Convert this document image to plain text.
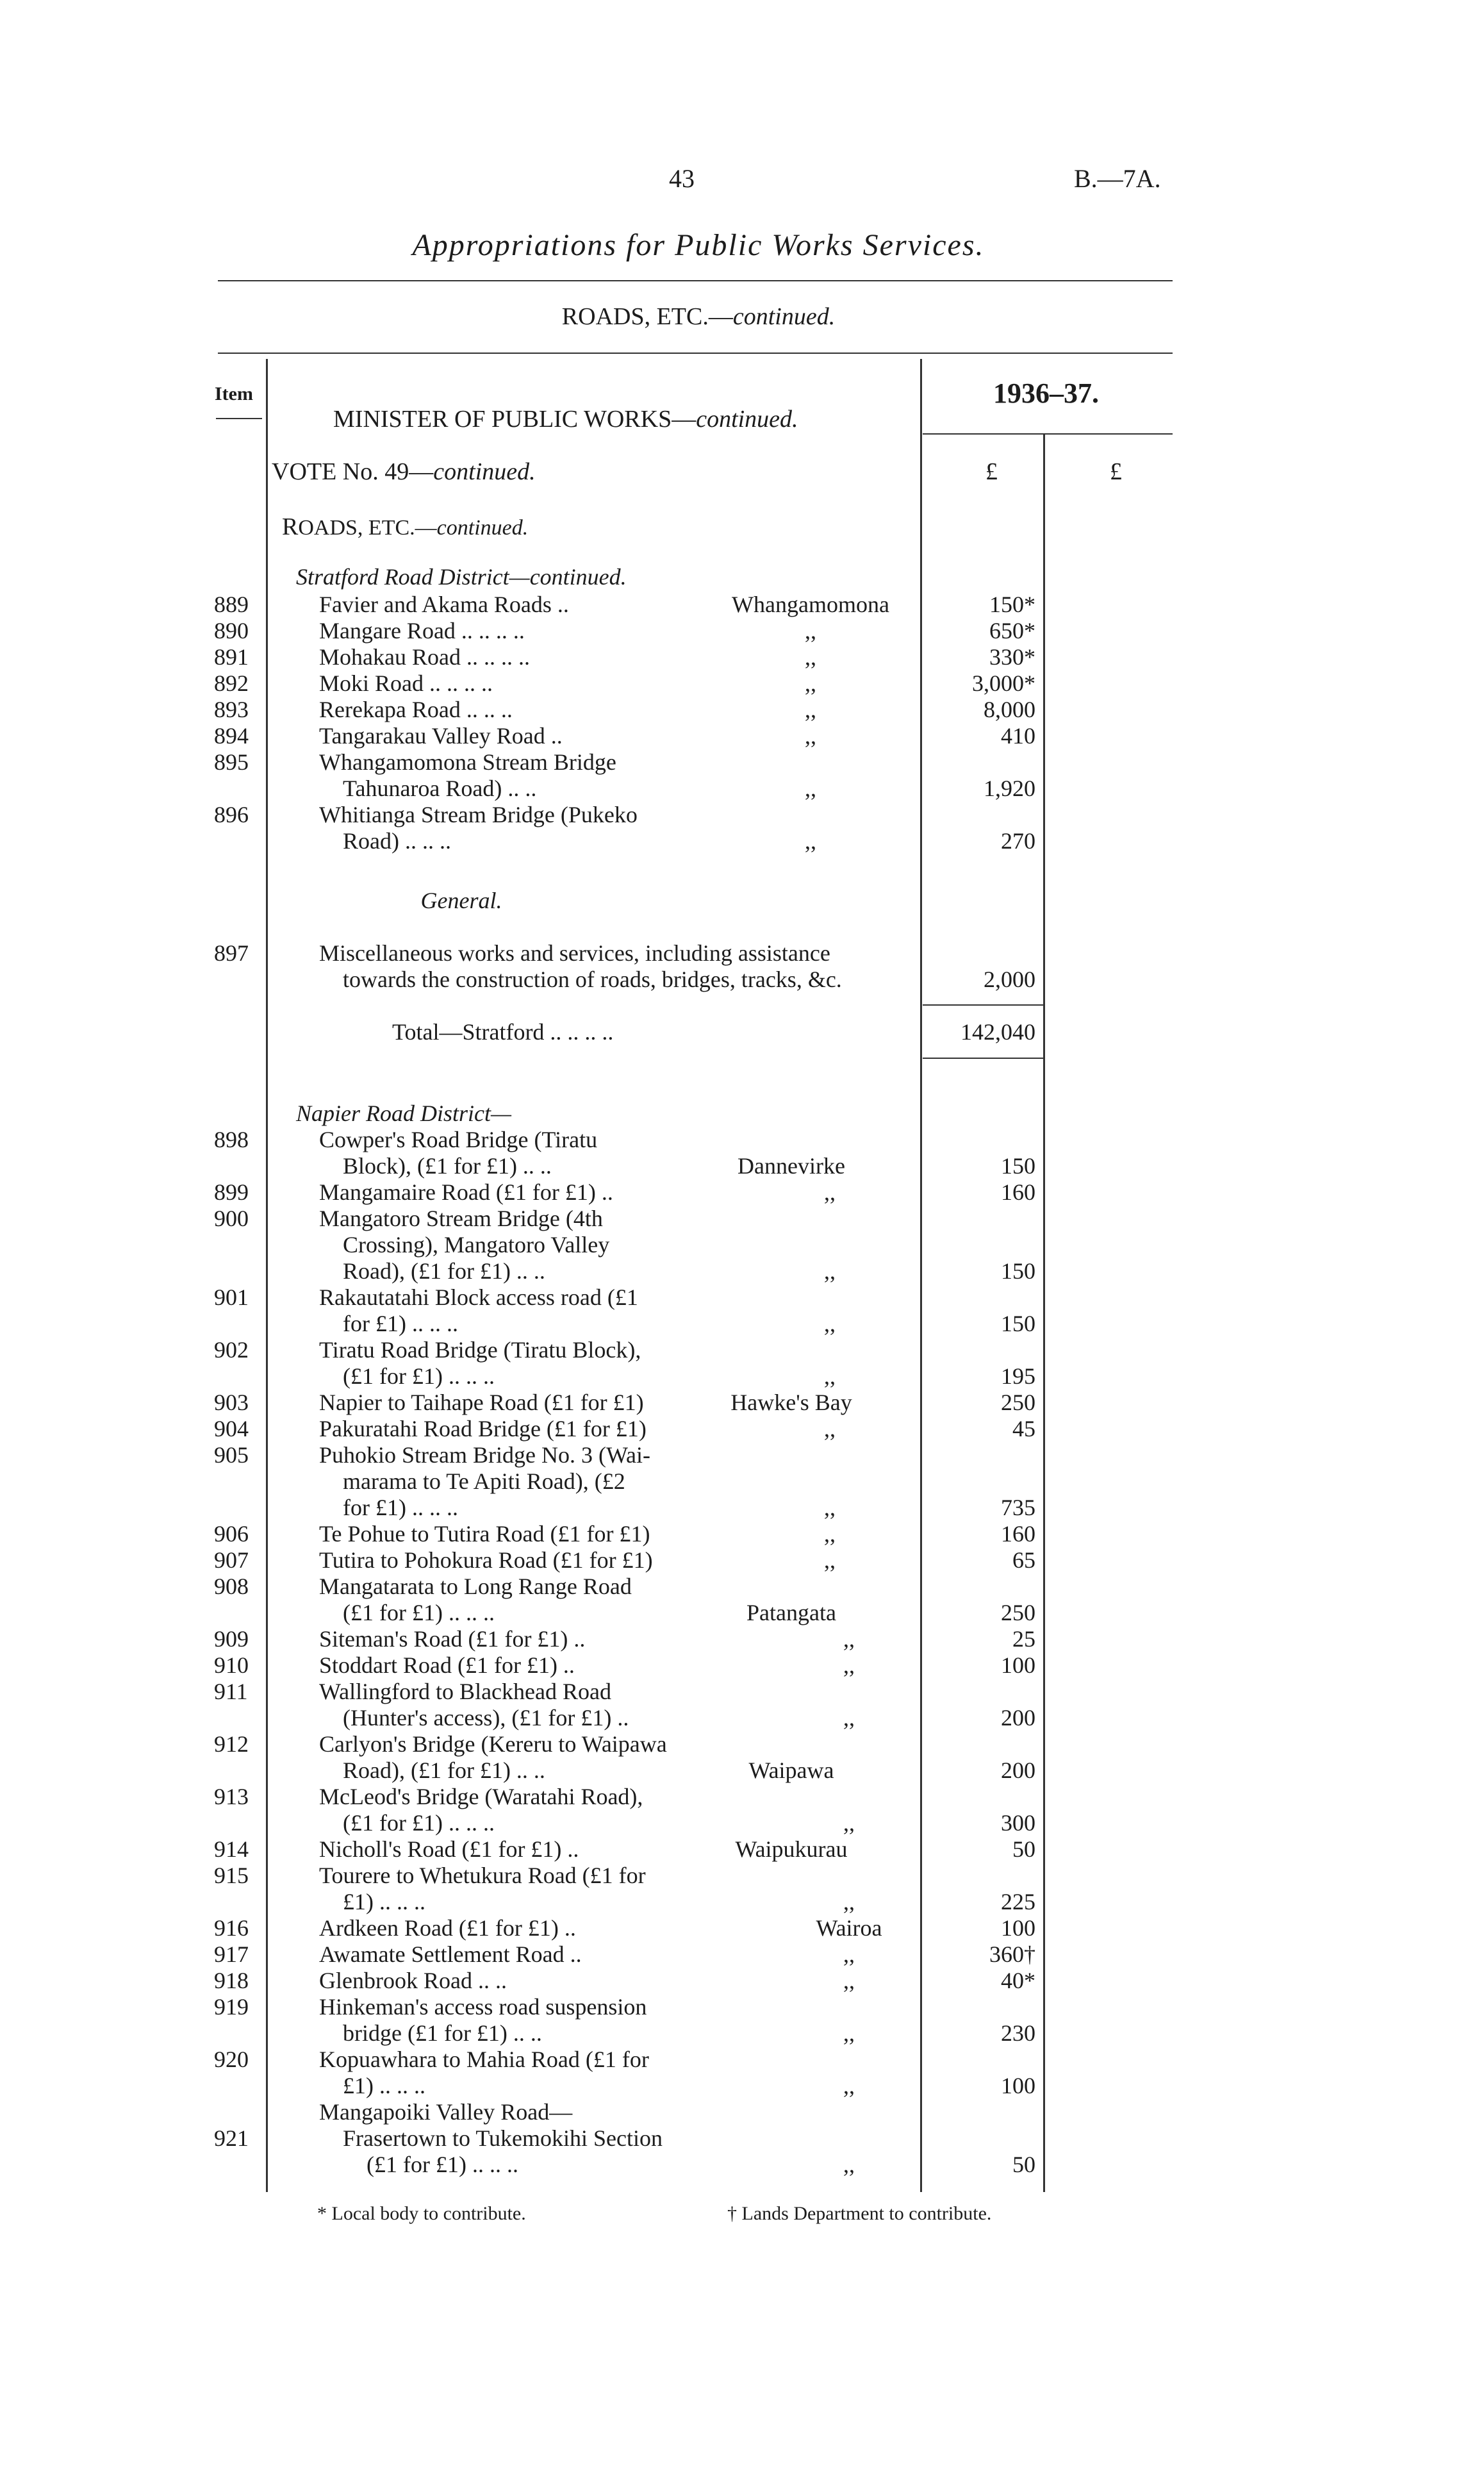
43	B.—7A.
Appropriations for Public Works Services.
ROADS, ETC.—continued.
Item	1936–37.
MINISTER OF PUBLIC WORKS—continued.
VOTE No. 49—continued.	£	£
ROADS, ETC.—continued.
Stratford Road District—continued.
889	Favier and Akama Roads ..	Whangamomona	150*
890	Mangare Road .. .. .. ..	,,	650*
891	Mohakau Road .. .. .. ..	,,	330*
892	Moki Road .. .. .. ..	,,	3,000*
893	Rerekapa Road .. .. ..	,,	8,000
894	Tangarakau Valley Road ..	,,	410
895	Whangamomona Stream Bridge
Tahunaroa Road) .. ..	,,	1,920
896	Whitianga Stream Bridge (Pukeko
Road) .. .. ..	,,	270
General.
897	Miscellaneous works and services, including assistance
towards the construction of roads, bridges, tracks, &c.	2,000
Total—Stratford .. .. .. ..	142,040
Napier Road District—
898	Cowper's Road Bridge (Tiratu
Block), (£1 for £1) .. ..	Dannevirke	150
899	Mangamaire Road (£1 for £1) ..	,,	160
900	Mangatoro Stream Bridge (4th
Crossing), Mangatoro Valley
Road), (£1 for £1) .. ..	,,	150
901	Rakautatahi Block access road (£1
for £1) .. .. ..	,,	150
902	Tiratu Road Bridge (Tiratu Block),
(£1 for £1) .. .. ..	,,	195
903	Napier to Taihape Road (£1 for £1)	Hawke's Bay	250
904	Pakuratahi Road Bridge (£1 for £1)	,,	45
905	Puhokio Stream Bridge No. 3 (Wai-
marama to Te Apiti Road), (£2
for £1) .. .. ..	,,	735
906	Te Pohue to Tutira Road (£1 for £1)	,,	160
907	Tutira to Pohokura Road (£1 for £1)	,,	65
908	Mangatarata to Long Range Road
(£1 for £1) .. .. ..	Patangata	250
909	Siteman's Road (£1 for £1) ..	,,	25
910	Stoddart Road (£1 for £1) ..	,,	100
911	Wallingford to Blackhead Road
(Hunter's access), (£1 for £1) ..	,,	200
912	Carlyon's Bridge (Kereru to Waipawa
Road), (£1 for £1) .. ..	Waipawa	200
913	McLeod's Bridge (Waratahi Road),
(£1 for £1) .. .. ..	,,	300
914	Nicholl's Road (£1 for £1) ..	Waipukurau	50
915	Tourere to Whetukura Road (£1 for
£1) .. .. ..	,,	225
916	Ardkeen Road (£1 for £1) ..	Wairoa	100
917	Awamate Settlement Road ..	,,	360†
918	Glenbrook Road .. ..	,,	40*
919	Hinkeman's access road suspension
bridge (£1 for £1) .. ..	,,	230
920	Kopuawhara to Mahia Road (£1 for
£1) .. .. ..	,,	100
Mangapoiki Valley Road—
921	Frasertown to Tukemokihi Section
(£1 for £1) .. .. ..	,,	50
* Local body to contribute.	† Lands Department to contribute.
